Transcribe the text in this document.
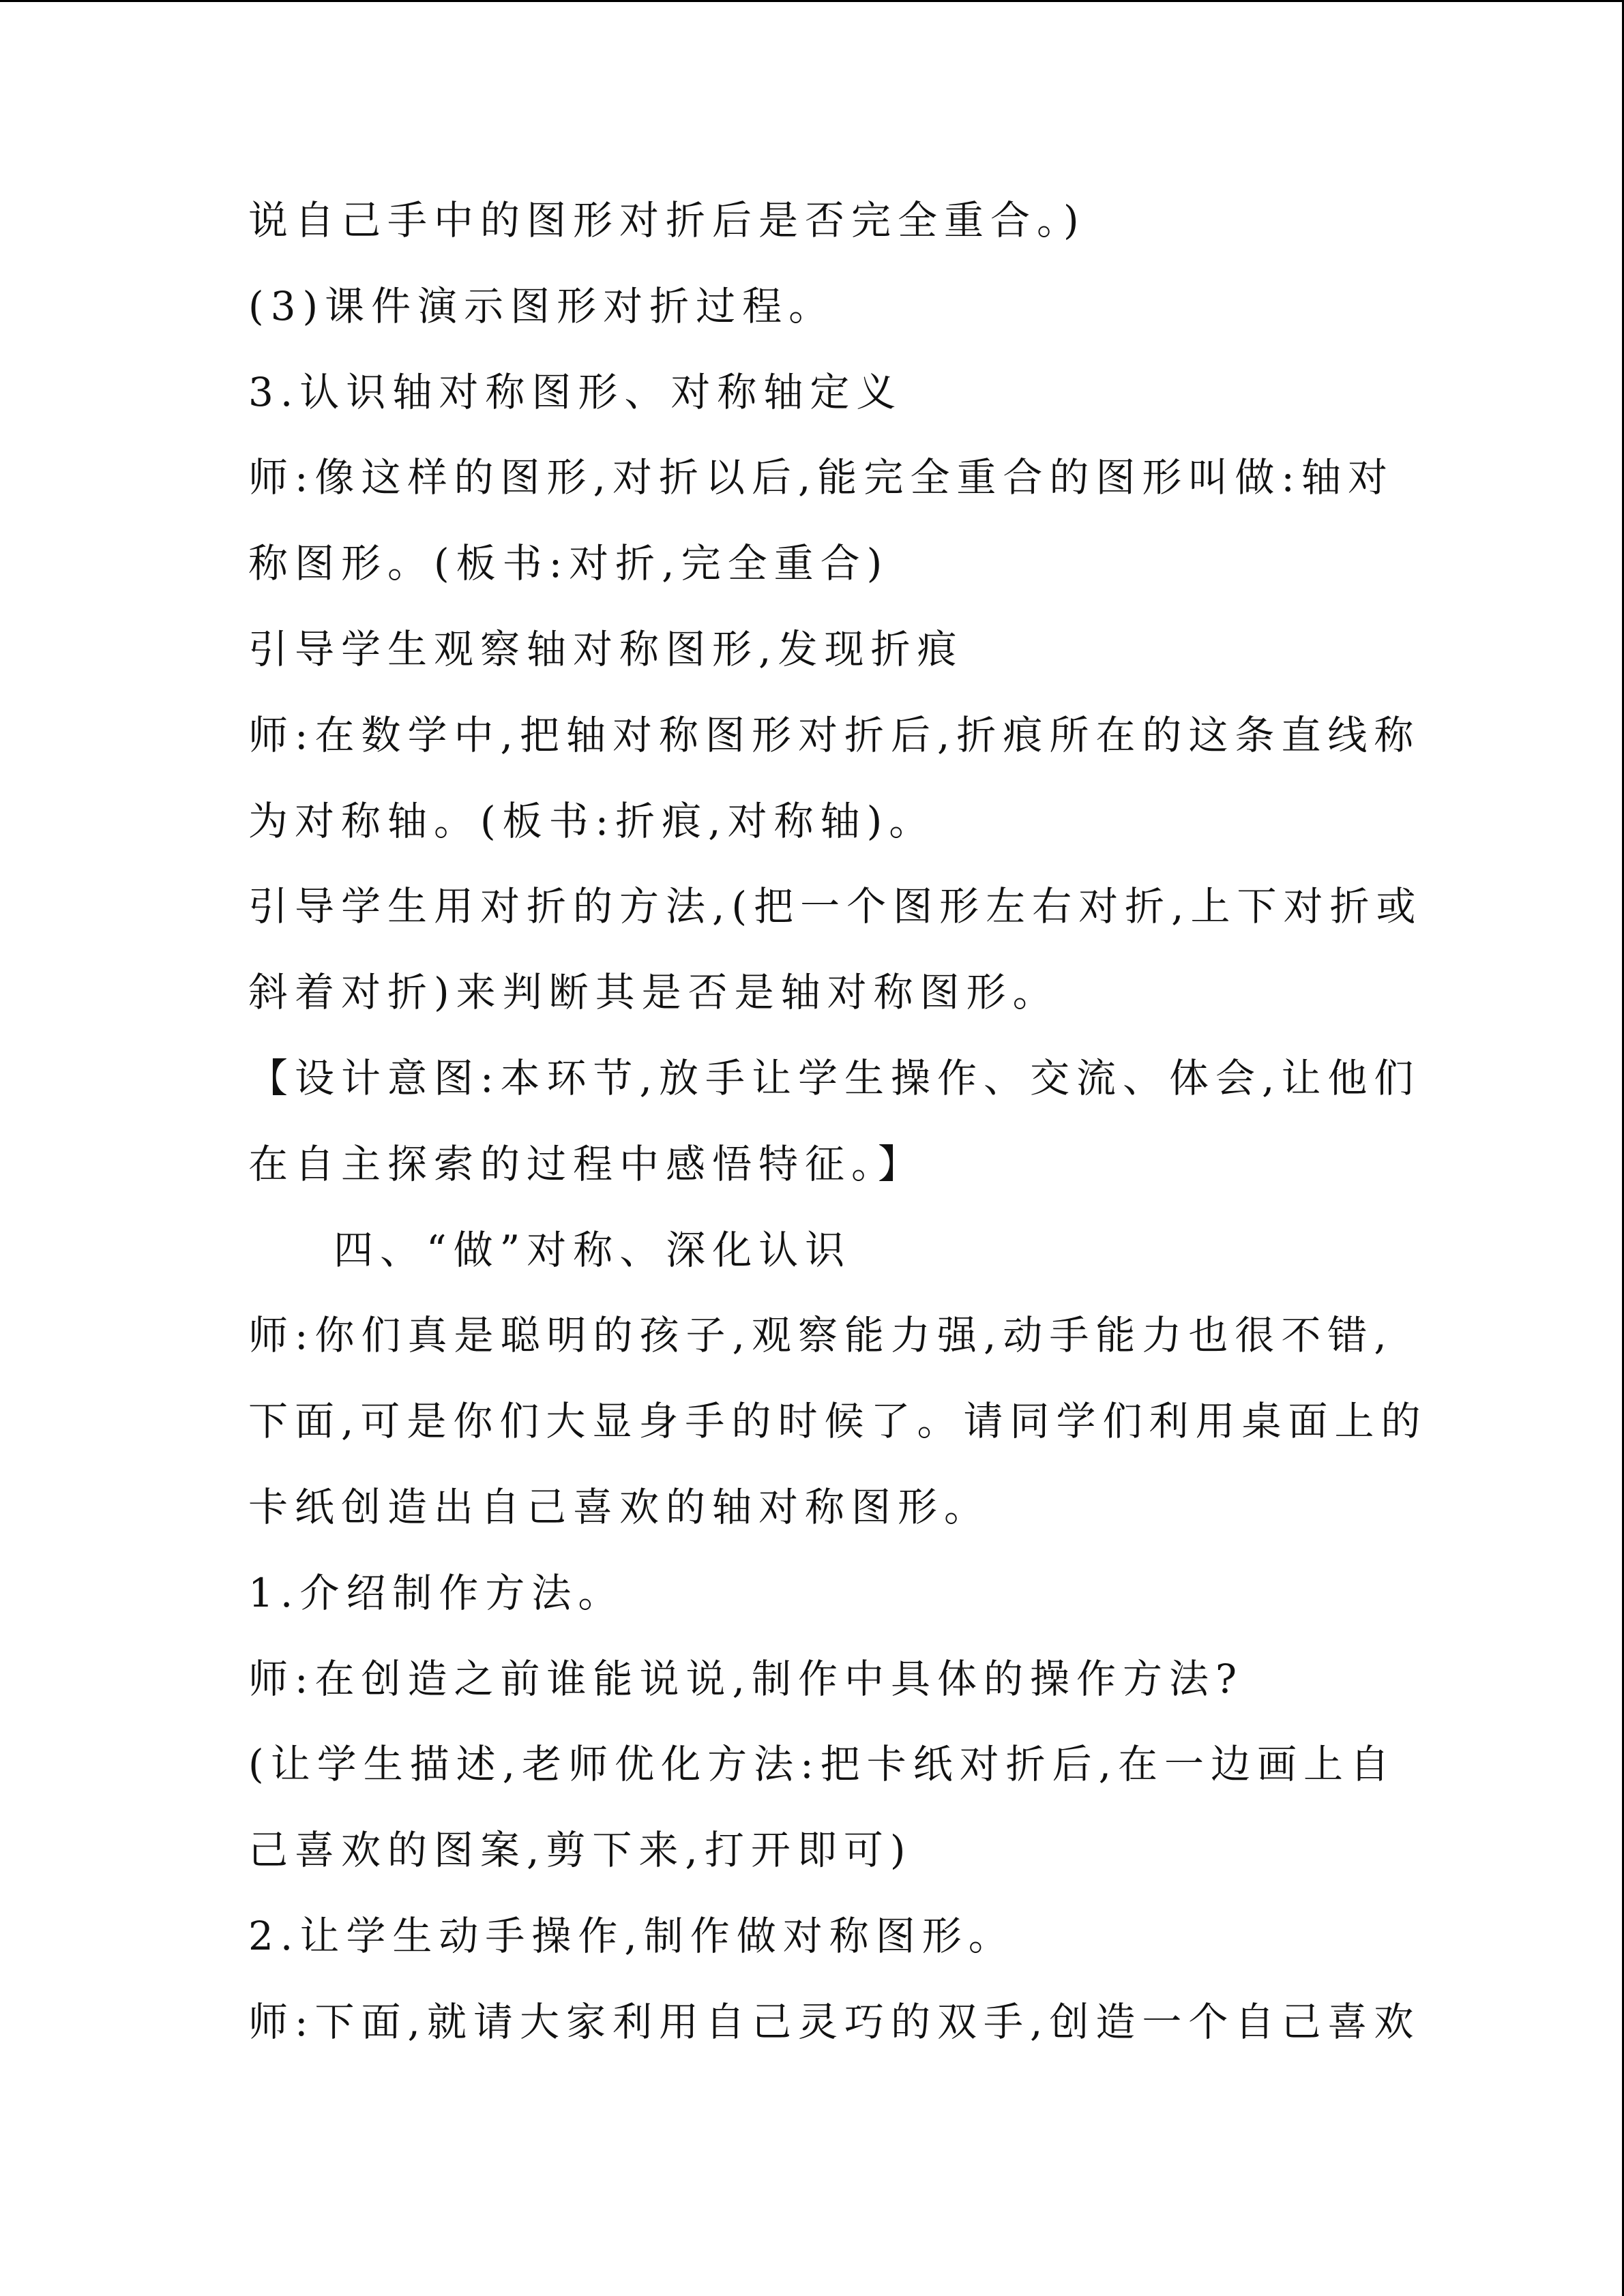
说自己手中的图形对折后是否完全重合。)
(3)课件演示图形对折过程。
3.认识轴对称图形、对称轴定义
师:像这样的图形,对折以后,能完全重合的图形叫做:轴对
称图形。(板书:对折,完全重合)
引导学生观察轴对称图形,发现折痕
师:在数学中,把轴对称图形对折后,折痕所在的这条直线称
为对称轴。(板书:折痕,对称轴)。
引导学生用对折的方法,(把一个图形左右对折,上下对折或
斜着对折)来判断其是否是轴对称图形。
【设计意图:本环节,放手让学生操作、交流、体会,让他们
在自主探索的过程中感悟特征。】
四、“做”对称、深化认识
师:你们真是聪明的孩子,观察能力强,动手能力也很不错,
下面,可是你们大显身手的时候了。请同学们利用桌面上的
卡纸创造出自己喜欢的轴对称图形。
1.介绍制作方法。
师:在创造之前谁能说说,制作中具体的操作方法?
(让学生描述,老师优化方法:把卡纸对折后,在一边画上自
己喜欢的图案,剪下来,打开即可)
2.让学生动手操作,制作做对称图形。
师:下面,就请大家利用自己灵巧的双手,创造一个自己喜欢
